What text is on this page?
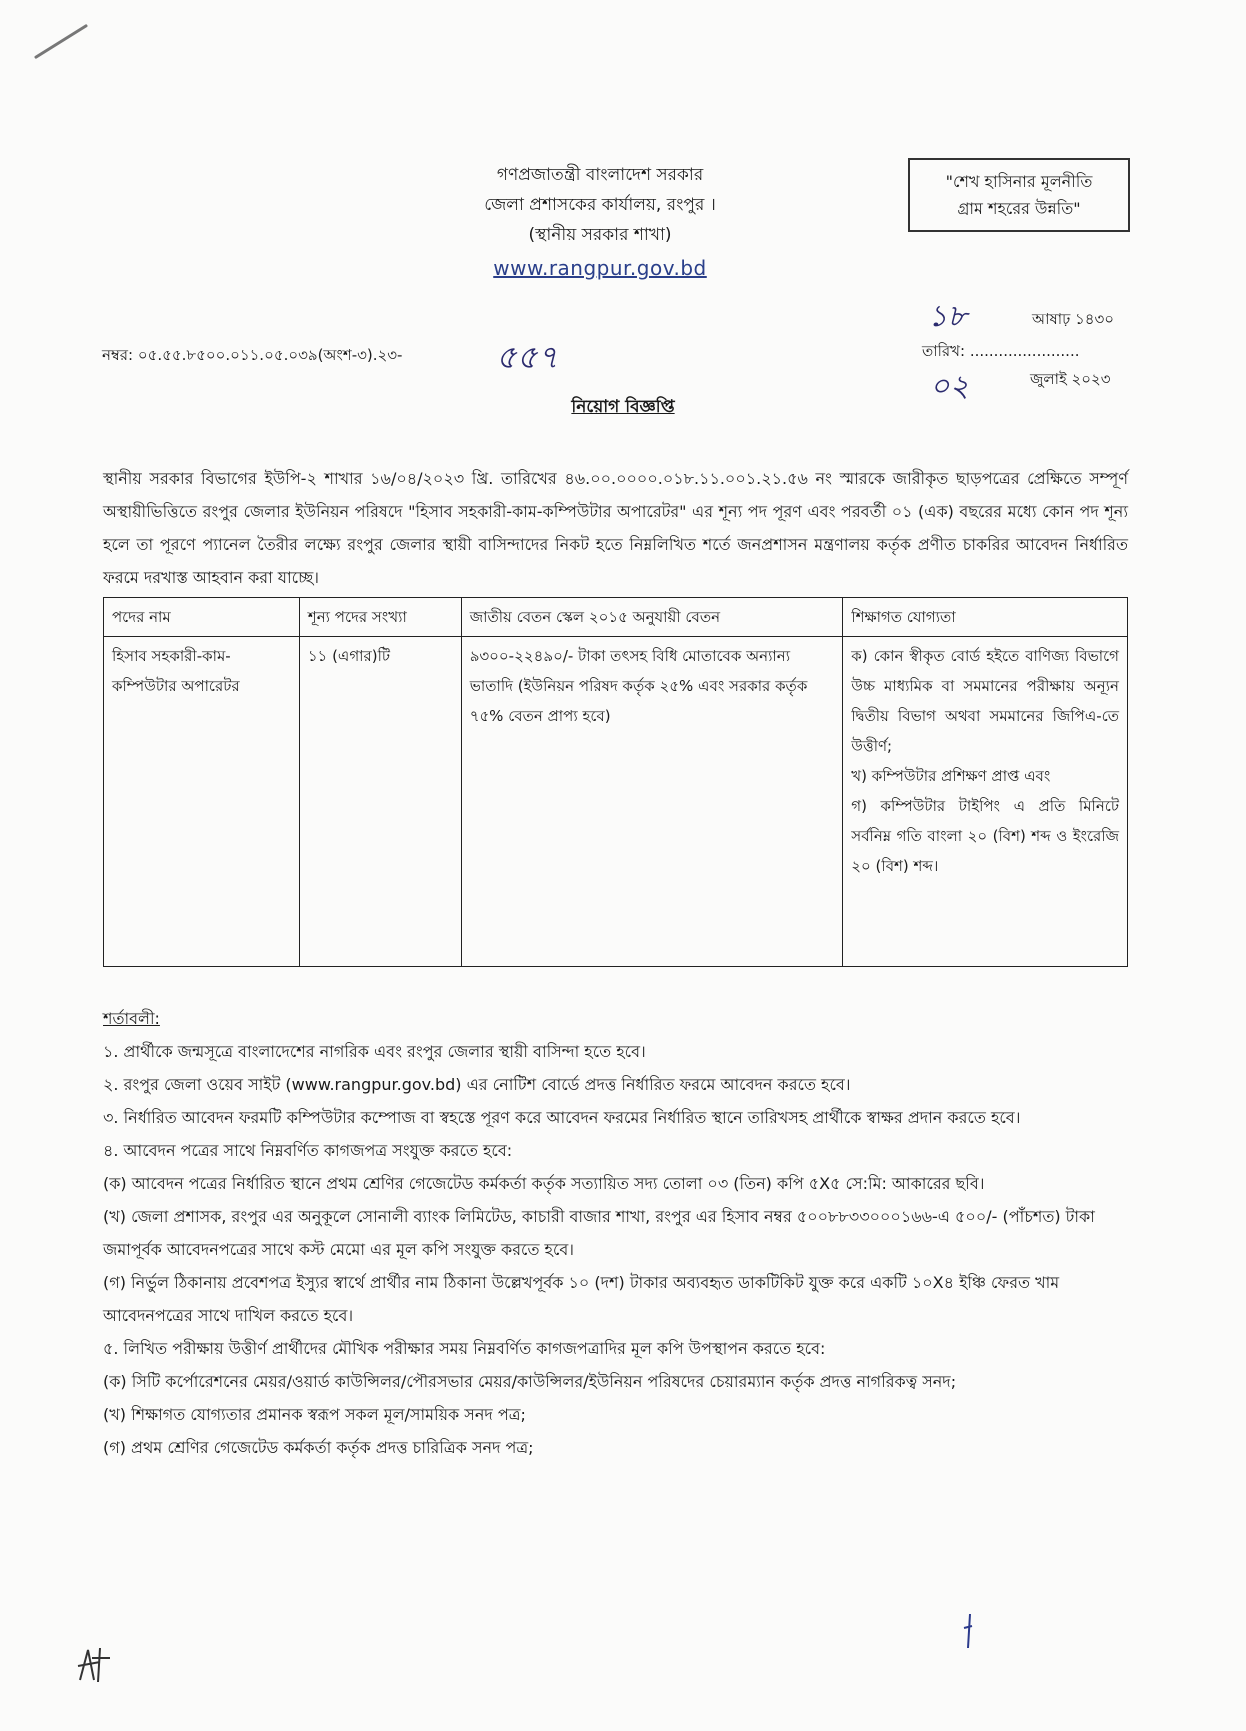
গণপ্রজাতন্ত্রী বাংলাদেশ সরকার
জেলা প্রশাসকের কার্যালয়, রংপুর ।
(স্থানীয় সরকার শাখা)
www.rangpur.gov.bd
"শেখ হাসিনার মূলনীতি
গ্রাম শহরের উন্নতি"
১৮	আষাঢ় ১৪৩০
তারিখ: .......................
০২	জুলাই ২০২৩
নম্বর: ০৫.৫৫.৮৫০০.০১১.০৫.০৩৯(অংশ-৩).২৩-	৫৫৭
নিয়োগ বিজ্ঞপ্তি
স্থানীয় সরকার বিভাগের ইউপি-২ শাখার ১৬/০৪/২০২৩ খ্রি. তারিখের ৪৬.০০.০০০০.০১৮.১১.০০১.২১.৫৬ নং স্মারকে জারীকৃত ছাড়পত্রের প্রেক্ষিতে সম্পূর্ণ অস্থায়ীভিত্তিতে রংপুর জেলার ইউনিয়ন পরিষদে "হিসাব সহকারী-কাম-কম্পিউটার অপারেটর" এর শূন্য পদ পূরণ এবং পরবর্তী ০১ (এক) বছরের মধ্যে কোন পদ শূন্য হলে তা পূরণে প্যানেল তৈরীর লক্ষ্যে রংপুর জেলার স্থায়ী বাসিন্দাদের নিকট হতে নিম্নলিখিত শর্তে জনপ্রশাসন মন্ত্রণালয় কর্তৃক প্রণীত চাকরির আবেদন নির্ধারিত ফরমে দরখাস্ত আহবান করা যাচ্ছে।
পদের নাম	শূন্য পদের সংখ্যা	জাতীয় বেতন স্কেল ২০১৫ অনুযায়ী বেতন	শিক্ষাগত যোগ্যতা
হিসাব সহকারী-কাম-কম্পিউটার অপারেটর	১১ (এগার)টি	৯৩০০-২২৪৯০/- টাকা তৎসহ বিধি মোতাবেক অন্যান্য ভাতাদি (ইউনিয়ন পরিষদ কর্তৃক ২৫% এবং সরকার কর্তৃক ৭৫% বেতন প্রাপ্য হবে)	ক) কোন স্বীকৃত বোর্ড হইতে বাণিজ্য বিভাগে উচ্চ মাধ্যমিক বা সমমানের পরীক্ষায় অন্যূন দ্বিতীয় বিভাগ অথবা সমমানের জিপিএ-তে উত্তীর্ণ;
খ) কম্পিউটার প্রশিক্ষণ প্রাপ্ত এবং
গ) কম্পিউটার টাইপিং এ প্রতি মিনিটে সর্বনিম্ন গতি বাংলা ২০ (বিশ) শব্দ ও ইংরেজি ২০ (বিশ) শব্দ।

শর্তাবলী:

১. প্রার্থীকে জন্মসূত্রে বাংলাদেশের নাগরিক এবং রংপুর জেলার স্থায়ী বাসিন্দা হতে হবে।

২. রংপুর জেলা ওয়েব সাইট (www.rangpur.gov.bd) এর নোটিশ বোর্ডে প্রদত্ত নির্ধারিত ফরমে আবেদন করতে হবে।

৩. নির্ধারিত আবেদন ফরমটি কম্পিউটার কম্পোজ বা স্বহস্তে পূরণ করে আবেদন ফরমের নির্ধারিত স্থানে তারিখসহ প্রার্থীকে স্বাক্ষর প্রদান করতে হবে।

৪. আবেদন পত্রের সাথে নিম্নবর্ণিত কাগজপত্র সংযুক্ত করতে হবে:

(ক) আবেদন পত্রের নির্ধারিত স্থানে প্রথম শ্রেণির গেজেটেড কর্মকর্তা কর্তৃক সত্যায়িত সদ্য তোলা ০৩ (তিন) কপি ৫X৫ সে:মি: আকারের ছবি।

(খ) জেলা প্রশাসক, রংপুর এর অনুকূলে সোনালী ব্যাংক লিমিটেড, কাচারী বাজার শাখা, রংপুর এর হিসাব নম্বর ৫০০৮৮৩৩০০০১৬৬-এ ৫০০/- (পাঁচশত) টাকা জমাপূর্বক আবেদনপত্রের সাথে কস্ট মেমো এর মূল কপি সংযুক্ত করতে হবে।

(গ) নির্ভুল ঠিকানায় প্রবেশপত্র ইস্যুর স্বার্থে প্রার্থীর নাম ঠিকানা উল্লেখপূর্বক ১০ (দশ) টাকার অব্যবহৃত ডাকটিকিট যুক্ত করে একটি ১০X৪ ইঞ্চি ফেরত খাম আবেদনপত্রের সাথে দাখিল করতে হবে।

৫. লিখিত পরীক্ষায় উত্তীর্ণ প্রার্থীদের মৌখিক পরীক্ষার সময় নিম্নবর্ণিত কাগজপত্রাদির মূল কপি উপস্থাপন করতে হবে:

(ক) সিটি কর্পোরেশনের মেয়র/ওয়ার্ড কাউন্সিলর/পৌরসভার মেয়র/কাউন্সিলর/ইউনিয়ন পরিষদের চেয়ারম্যান কর্তৃক প্রদত্ত নাগরিকত্ব সনদ;

(খ) শিক্ষাগত যোগ্যতার প্রমানক স্বরূপ সকল মূল/সাময়িক সনদ পত্র;

(গ) প্রথম শ্রেণির গেজেটেড কর্মকর্তা কর্তৃক প্রদত্ত চারিত্রিক সনদ পত্র;
